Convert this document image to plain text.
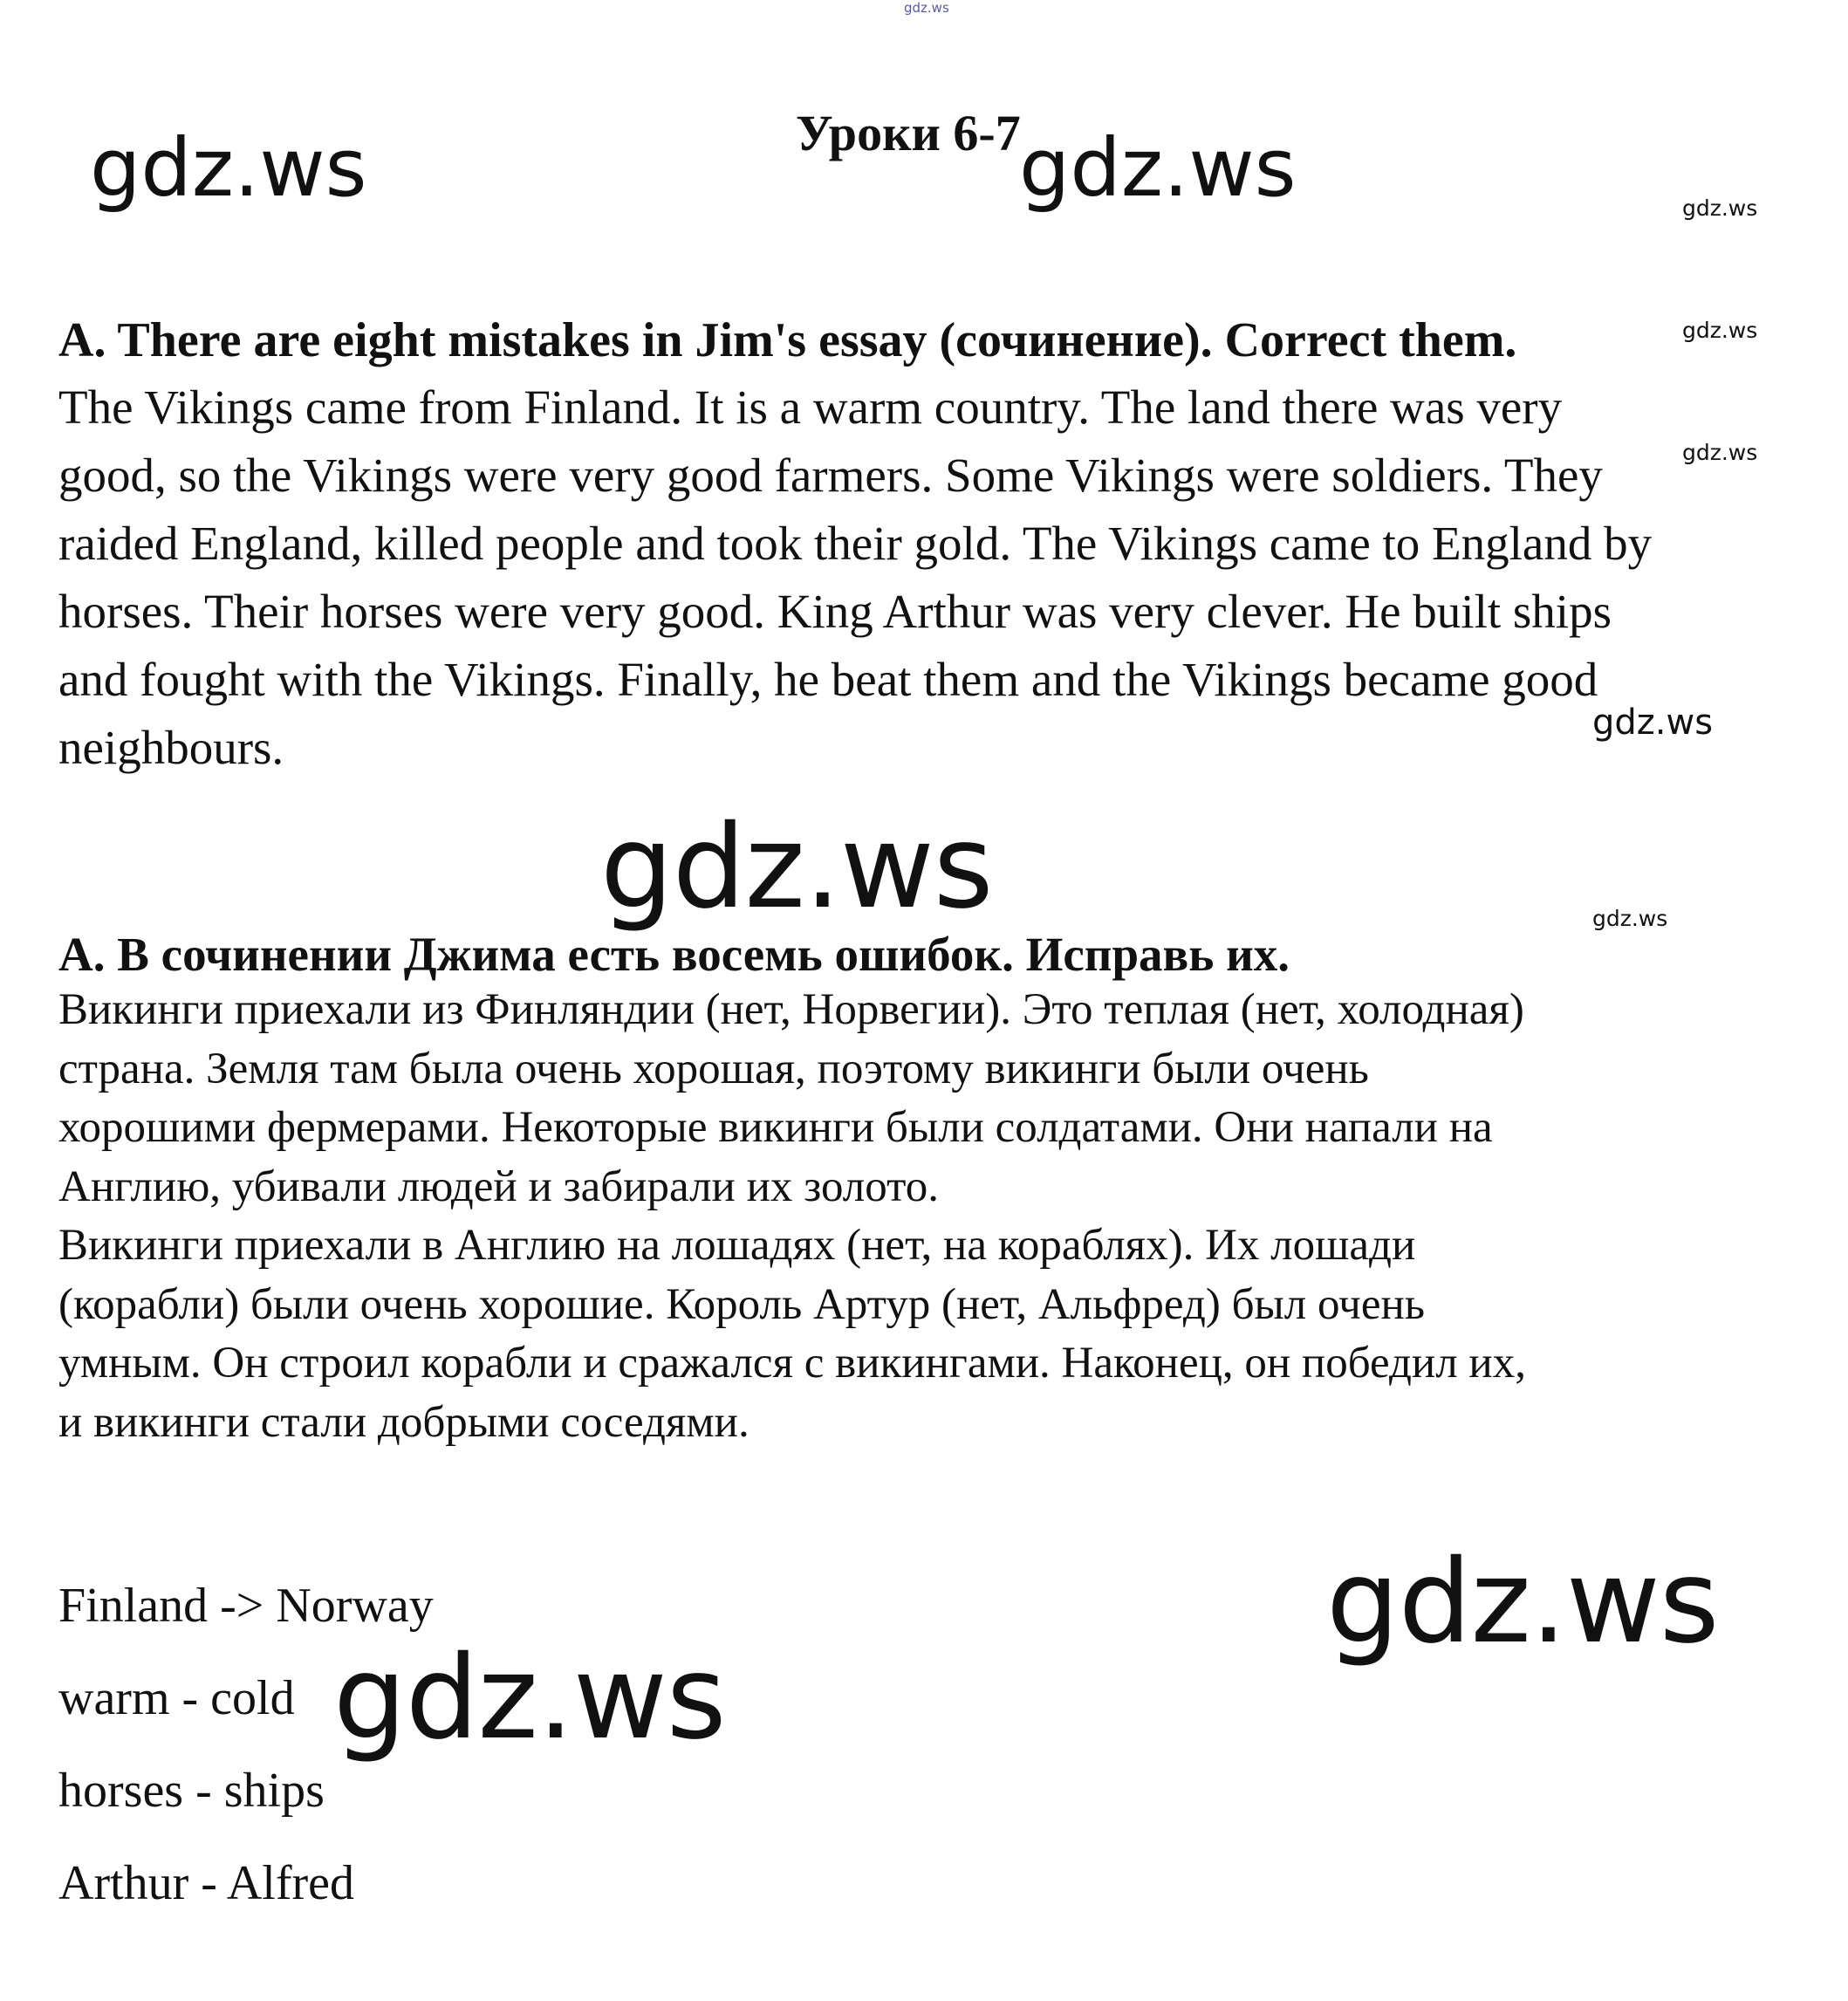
gdz.ws
gdz.ws	gdz.ws	gdz.ws
gdz.ws
gdz.ws
gdz.ws
gdz.ws	gdz.ws
gdz.ws
gdz.ws
Уроки 6-7
A. There are eight mistakes in Jim's essay (сочинение). Correct them.
The Vikings came from Finland. It is a warm country. The land there was very
good, so the Vikings were very good farmers. Some Vikings were soldiers. They
raided England, killed people and took their gold. The Vikings came to England by
horses. Their horses were very good. King Arthur was very clever. He built ships
and fought with the Vikings. Finally, he beat them and the Vikings became good
neighbours.
А. В сочинении Джима есть восемь ошибок. Исправь их.
Викинги приехали из Финляндии (нет, Норвегии). Это теплая (нет, холодная)
страна. Земля там была очень хорошая, поэтому викинги были очень
хорошими фермерами. Некоторые викинги были солдатами. Они напали на
Англию, убивали людей и забирали их золото.
Викинги приехали в Англию на лошадях (нет, на кораблях). Их лошади
(корабли) были очень хорошие. Король Артур (нет, Альфред) был очень
умным. Он строил корабли и сражался с викингами. Наконец, он победил их,
и викинги стали добрыми соседями.
Finland -> Norway
warm - cold
horses - ships
Arthur - Alfred
